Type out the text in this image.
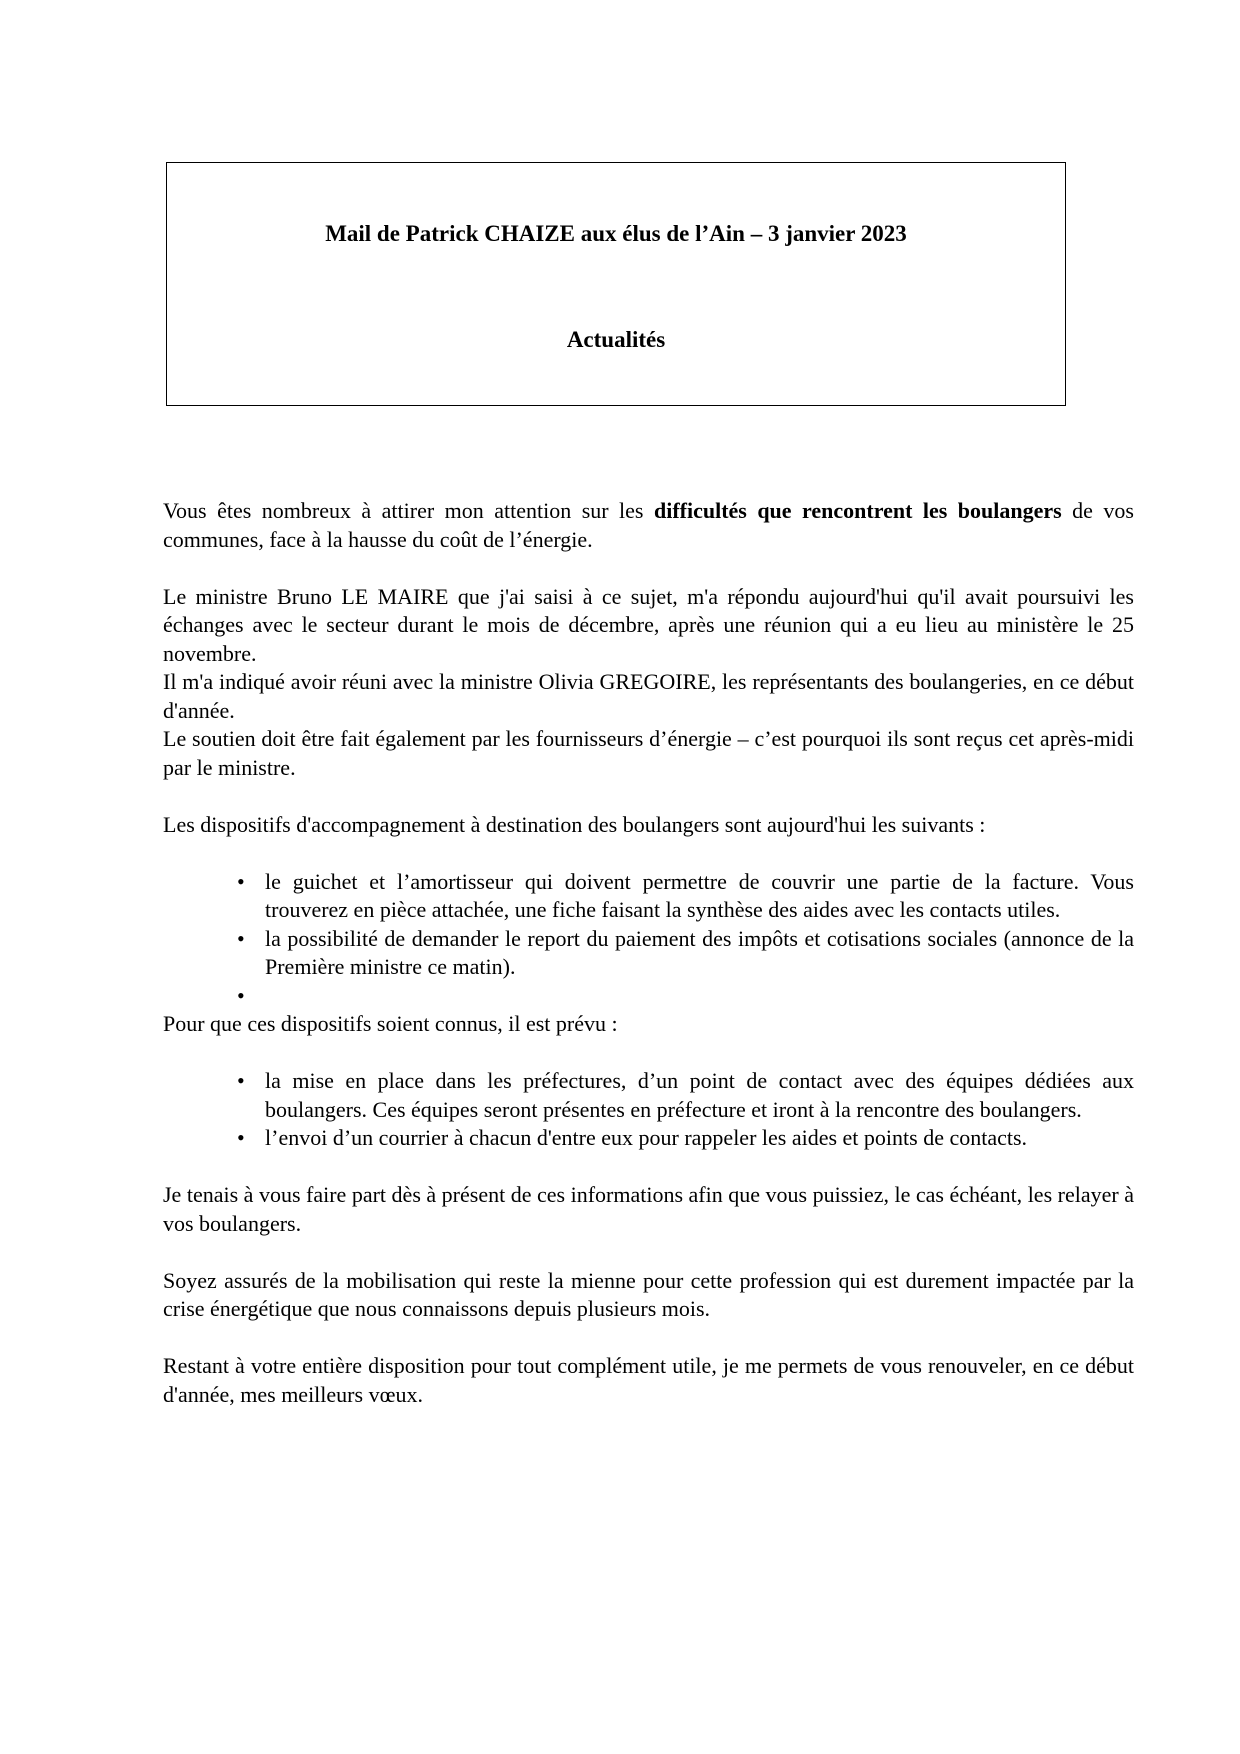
Mail de Patrick CHAIZE aux élus de l’Ain – 3 janvier 2023

Actualités

Vous êtes nombreux à attirer mon attention sur les difficultés que rencontrent les boulangers de vos communes, face à la hausse du coût de l’énergie.

Le ministre Bruno LE MAIRE que j'ai saisi à ce sujet, m'a répondu aujourd'hui qu'il avait poursuivi les échanges avec le secteur durant le mois de décembre, après une réunion qui a eu lieu au ministère le 25 novembre.

Il m'a indiqué avoir réuni avec la ministre Olivia GREGOIRE, les représentants des boulangeries, en ce début d'année.

Le soutien doit être fait également par les fournisseurs d’énergie – c’est pourquoi ils sont reçus cet après-midi par le ministre.

Les dispositifs d'accompagnement à destination des boulangers sont aujourd'hui les suivants :

• le guichet et l’amortisseur qui doivent permettre de couvrir une partie de la facture. Vous trouverez en pièce attachée, une fiche faisant la synthèse des aides avec les contacts utiles.
• la possibilité de demander le report du paiement des impôts et cotisations sociales (annonce de la Première ministre ce matin).
•

Pour que ces dispositifs soient connus, il est prévu :

• la mise en place dans les préfectures, d’un point de contact avec des équipes dédiées aux boulangers. Ces équipes seront présentes en préfecture et iront à la rencontre des boulangers.
• l’envoi d’un courrier à chacun d'entre eux pour rappeler les aides et points de contacts.

Je tenais à vous faire part dès à présent de ces informations afin que vous puissiez, le cas échéant, les relayer à vos boulangers.

Soyez assurés de la mobilisation qui reste la mienne pour cette profession qui est durement impactée par la crise énergétique que nous connaissons depuis plusieurs mois.

Restant à votre entière disposition pour tout complément utile, je me permets de vous renouveler, en ce début d'année, mes meilleurs vœux.
